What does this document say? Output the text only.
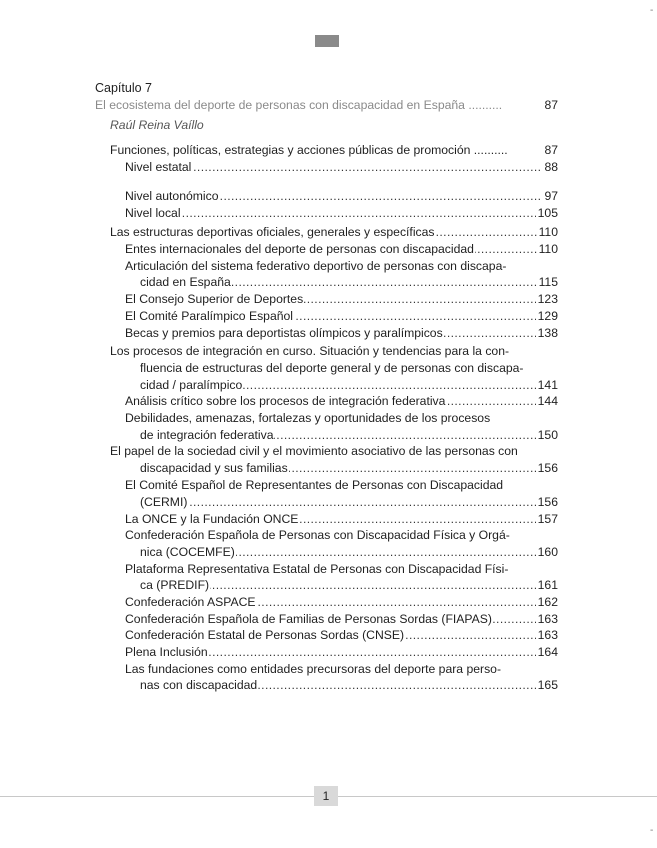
-
-
Capítulo 7
El ecosistema del deporte de personas con discapacidad en España ..........	87
Raúl Reina Vaíllo
Funciones, políticas, estrategias y acciones públicas de promoción ..........	87
..... Nivel estatal	88
..... Nivel autonómico	97
..... Nivel local	105
..... Las estructuras deportivas oficiales, generales y específicas	110
..... Entes internacionales del deporte de personas con discapacidad	110
Articulación del sistema federativo deportivo de personas con discapa-
..... cidad en España	115
..... El Consejo Superior de Deportes	123
..... El Comité Paralímpico Español	129
..... Becas y premios para deportistas olímpicos y paralímpicos	138
Los procesos de integración en curso. Situación y tendencias para la con-
fluencia de estructuras del deporte general y de personas con discapa-
..... cidad / paralímpico	141
..... Análisis crítico sobre los procesos de integración federativa	144
Debilidades, amenazas, fortalezas y oportunidades de los procesos
..... de integración federativa	150
El papel de la sociedad civil y el movimiento asociativo de las personas con
..... discapacidad y sus familias	156
El Comité Español de Representantes de Personas con Discapacidad
..... (CERMI)	156
..... La ONCE y la Fundación ONCE	157
Confederación Española de Personas con Discapacidad Física y Orgá-
..... nica (COCEMFE)	160
Plataforma Representativa Estatal de Personas con Discapacidad Físi-
..... ca (PREDIF)	161
..... Confederación ASPACE	162
..... Confederación Española de Familias de Personas Sordas (FIAPAS)	163
..... Confederación Estatal de Personas Sordas (CNSE)	163
..... Plena Inclusión	164
Las fundaciones como entidades precursoras del deporte para perso-
..... nas con discapacidad	165
1
